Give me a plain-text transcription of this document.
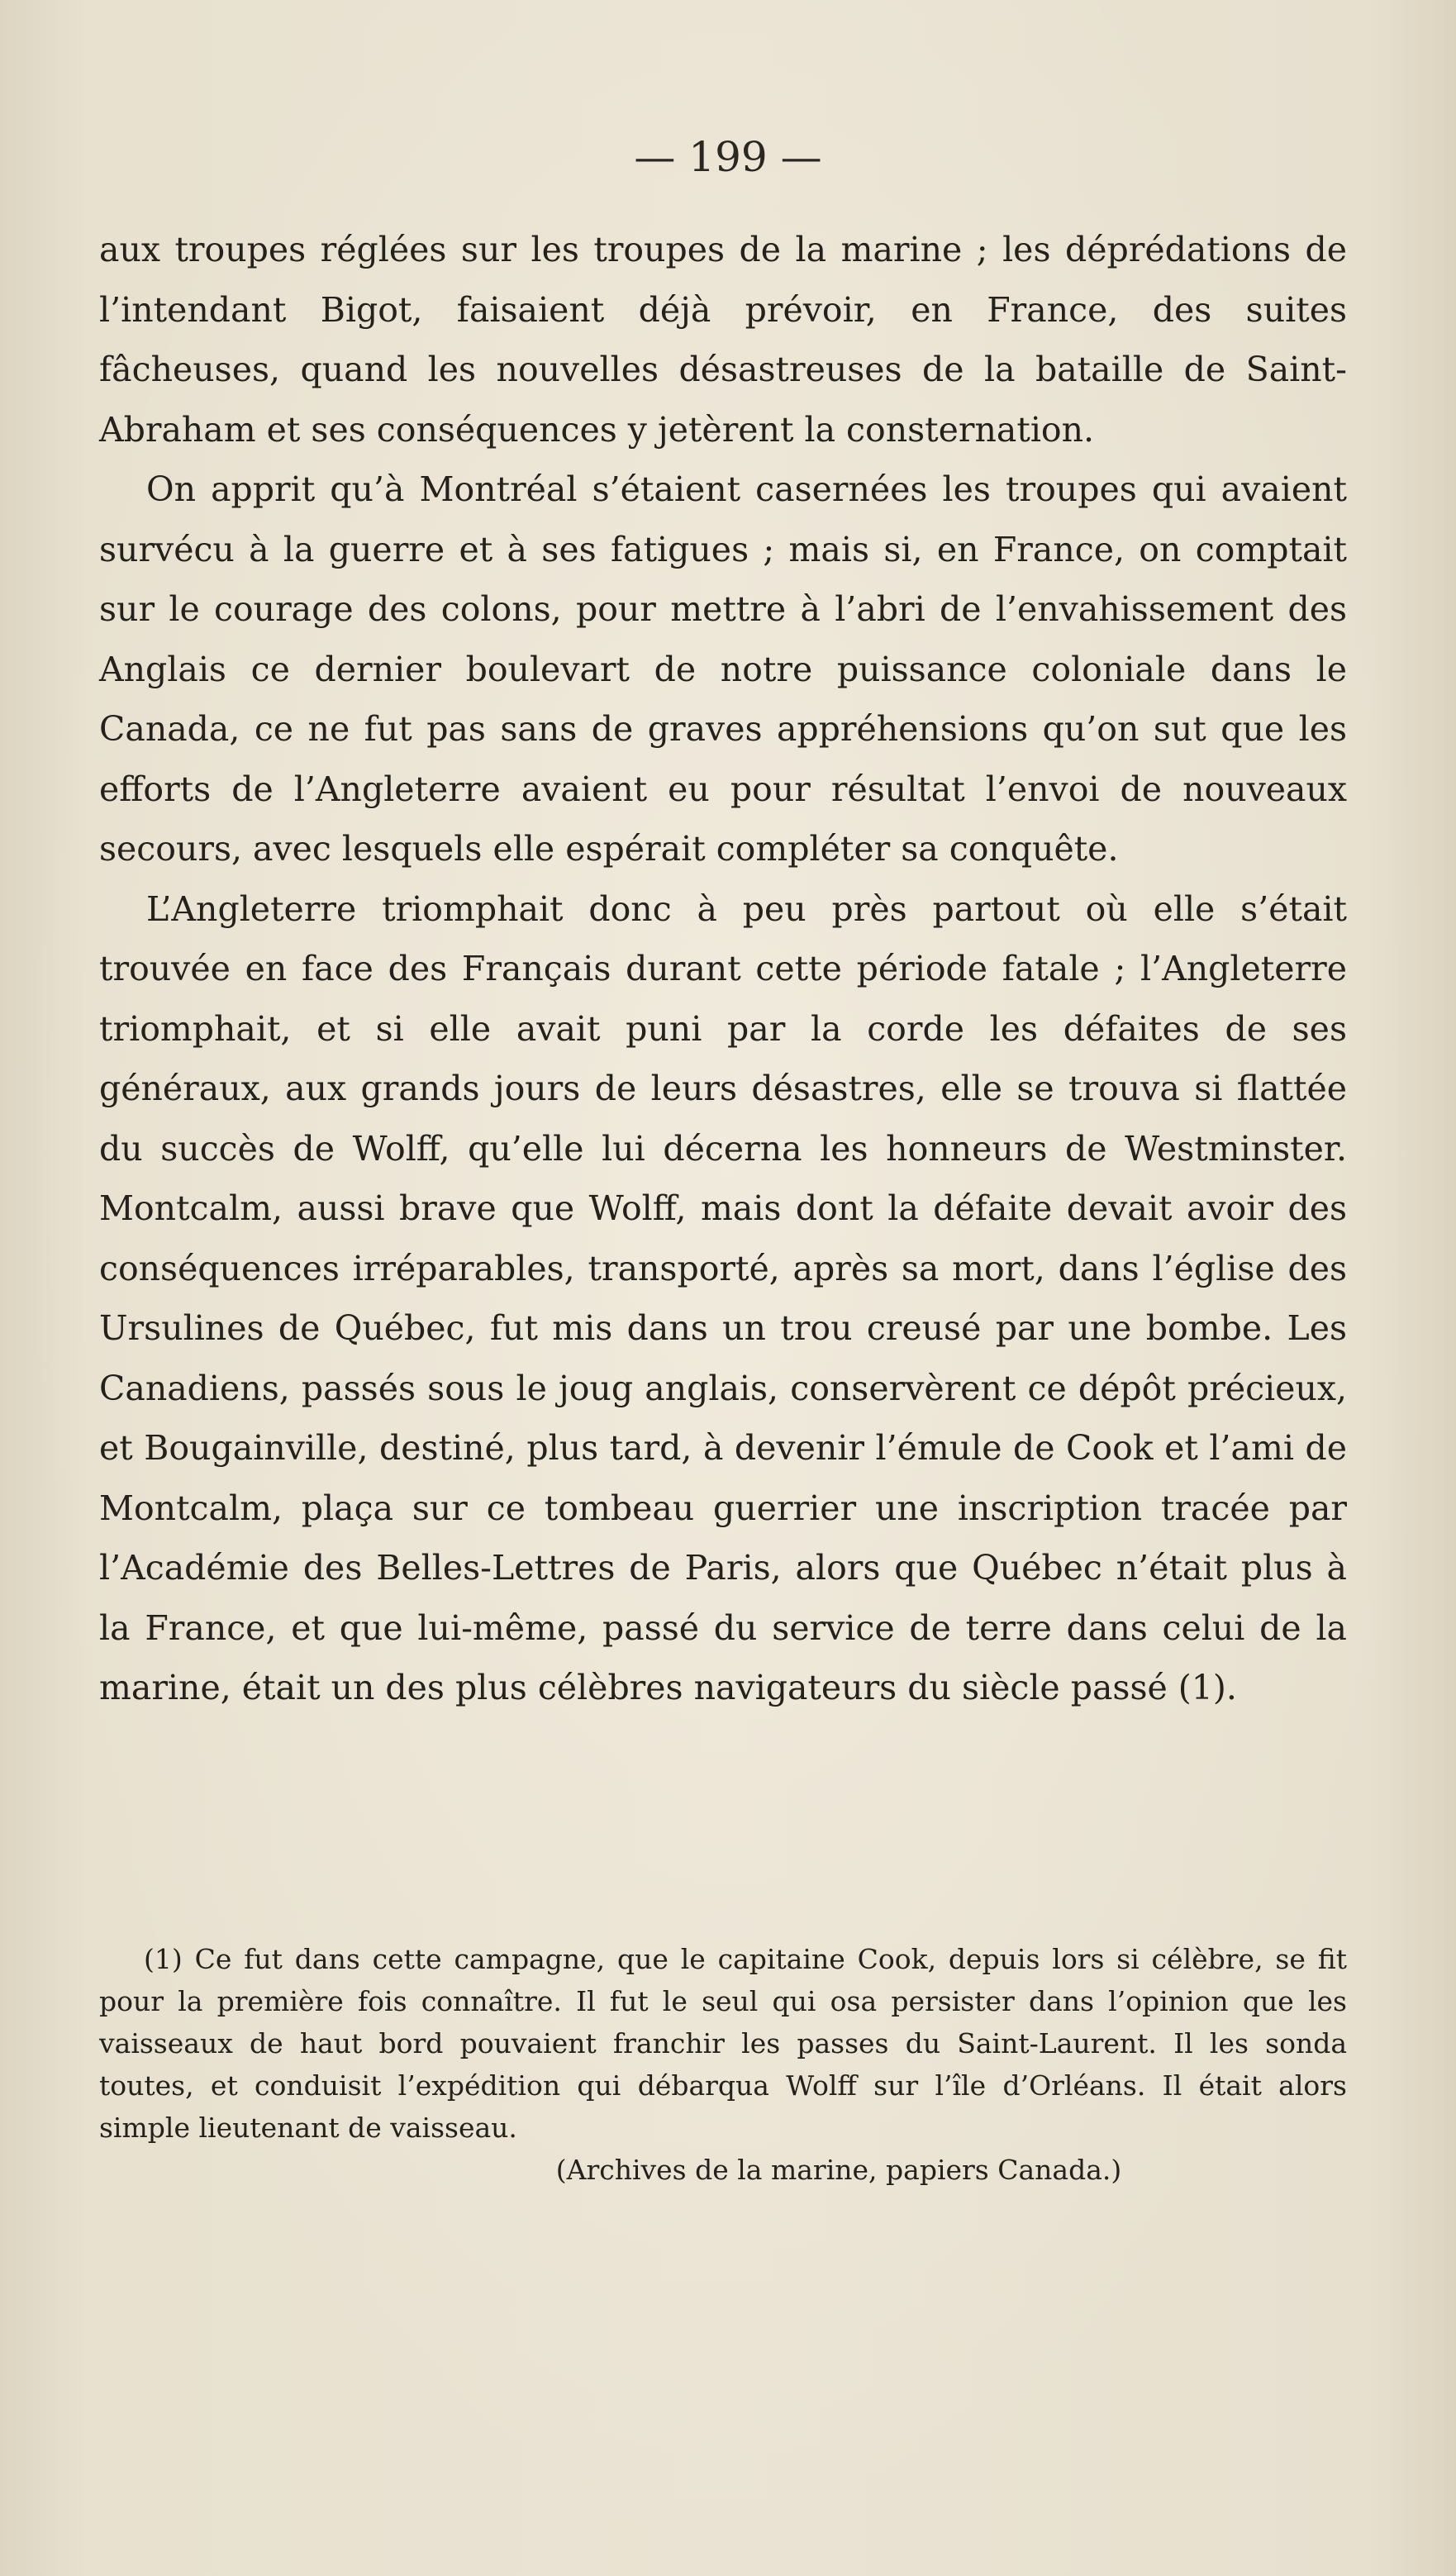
— 199 —

aux troupes réglées sur les troupes de la marine ; les déprédations de l’intendant Bigot, faisaient déjà prévoir, en France, des suites fâcheuses, quand les nouvelles désastreuses de la bataille de Saint-Abraham et ses conséquences y jetèrent la consternation.

On apprit qu’à Montréal s’étaient casernées les troupes qui avaient survécu à la guerre et à ses fatigues ; mais si, en France, on comptait sur le courage des colons, pour mettre à l’abri de l’envahissement des Anglais ce dernier boulevart de notre puissance coloniale dans le Canada, ce ne fut pas sans de graves appréhensions qu’on sut que les efforts de l’Angleterre avaient eu pour résultat l’envoi de nouveaux secours, avec lesquels elle espérait compléter sa conquête.

L’Angleterre triomphait donc à peu près partout où elle s’était trouvée en face des Français durant cette période fatale ; l’Angleterre triomphait, et si elle avait puni par la corde les défaites de ses généraux, aux grands jours de leurs désastres, elle se trouva si flattée du succès de Wolff, qu’elle lui décerna les honneurs de Westminster. Montcalm, aussi brave que Wolff, mais dont la défaite devait avoir des conséquences irréparables, transporté, après sa mort, dans l’église des Ursulines de Québec, fut mis dans un trou creusé par une bombe. Les Canadiens, passés sous le joug anglais, conservèrent ce dépôt précieux, et Bougainville, destiné, plus tard, à devenir l’émule de Cook et l’ami de Montcalm, plaça sur ce tombeau guerrier une inscription tracée par l’Académie des Belles-Lettres de Paris, alors que Québec n’était plus à la France, et que lui-même, passé du service de terre dans celui de la marine, était un des plus célèbres navigateurs du siècle passé (1).

(1) Ce fut dans cette campagne, que le capitaine Cook, depuis lors si célèbre, se fit pour la première fois connaître. Il fut le seul qui osa persister dans l’opinion que les vaisseaux de haut bord pouvaient franchir les passes du Saint-Laurent. Il les sonda toutes, et conduisit l’expédition qui débarqua Wolff sur l’île d’Orléans. Il était alors simple lieutenant de vaisseau.

(Archives de la marine, papiers Canada.)
